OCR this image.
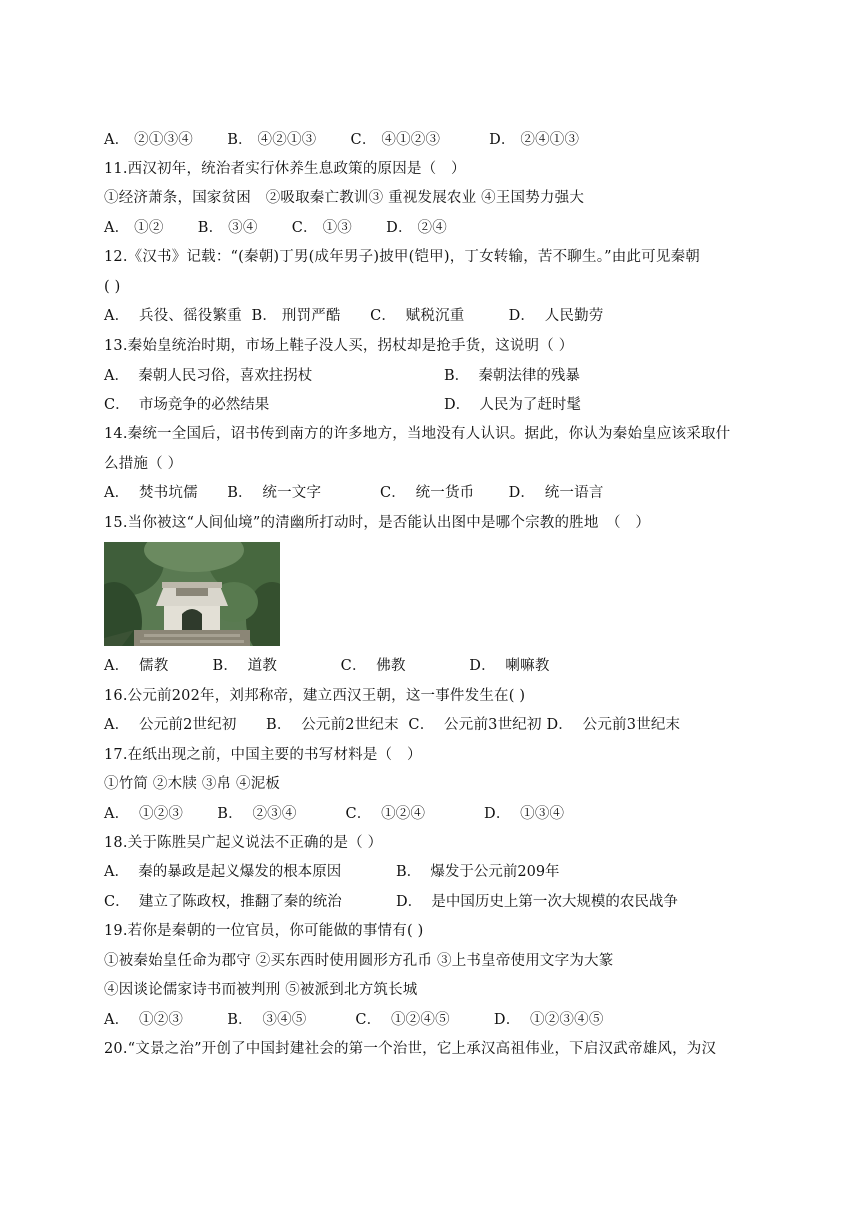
A． ②①③④　　 B． ④②①③　　 C． ④①②③　　　 D． ②④①③
11.西汉初年，统治者实行休养生息政策的原因是（　）
①经济萧条，国家贫困　②吸取秦亡教训③ 重视发展农业 ④王国势力强大
A． ①②　　 B． ③④　　 C． ①③　　 D． ②④
12.《汉书》记载：“(秦朝)丁男(成年男子)披甲(铠甲)，丁女转输，苦不聊生。”由此可见秦朝
( )
A．  兵役、徭役繁重  B． 刑罚严酷　　C．  赋税沉重　　　D．  人民勤劳
13.秦始皇统治时期，市场上鞋子没人买，拐杖却是抢手货，这说明（ ）
A．  秦朝人民习俗，喜欢拄拐杖	B．  秦朝法律的残暴
C．  市场竞争的必然结果	D．  人民为了赶时髦
14.秦统一全国后，诏书传到南方的许多地方，当地没有人认识。据此，你认为秦始皇应该采取什
么措施（ ）
A．  焚书坑儒　　B．  统一文字　　　　C．  统一货币　　 D．  统一语言
15.当你被这“人间仙境”的清幽所打动时，是否能认出图中是哪个宗教的胜地　（　）
A．  儒教　　　B．  道教　　　　 C．  佛教　　　　 D．  喇嘛教
16.公元前202年，刘邦称帝，建立西汉王朝，这一事件发生在( )
A．  公元前2世纪初　　B．  公元前2世纪末  C．  公元前3世纪初 D．  公元前3世纪末
17.在纸出现之前，中国主要的书写材料是（　）
①竹简 ②木牍 ③帛 ④泥板
A．  ①②③　　 B．  ②③④　　　 C．  ①②④　　　　D．  ①③④
18.关于陈胜吴广起义说法不正确的是（ ）
A．  秦的暴政是起义爆发的根本原因	B．  爆发于公元前209年
C．  建立了陈政权，推翻了秦的统治	D．  是中国历史上第一次大规模的农民战争
19.若你是秦朝的一位官员，你可能做的事情有( )
①被秦始皇任命为郡守 ②买东西时使用圆形方孔币 ③上书皇帝使用文字为大篆
④因谈论儒家诗书而被判刑 ⑤被派到北方筑长城
A．  ①②③　　　B．  ③④⑤　　　 C．  ①②④⑤　　　D．  ①②③④⑤
20.“文景之治”开创了中国封建社会的第一个治世，它上承汉高祖伟业，下启汉武帝雄风，为汉
